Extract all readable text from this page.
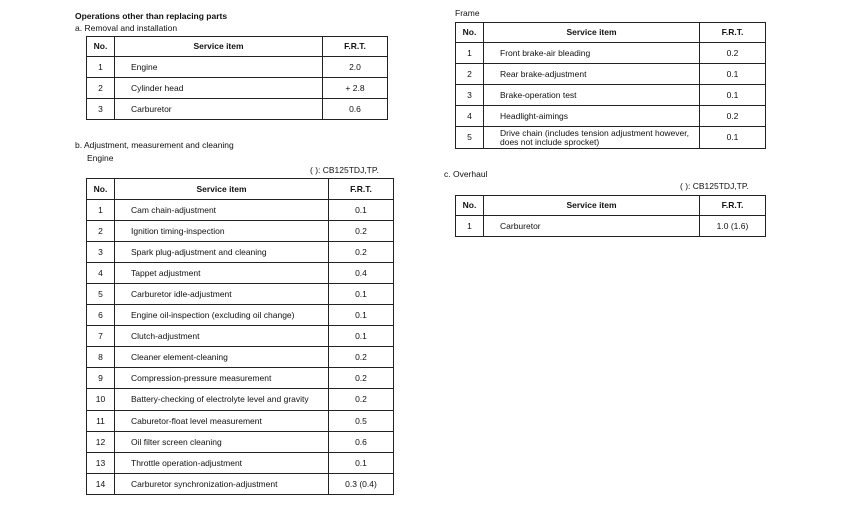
Operations other than replacing parts
a. Removal and installation
No.	Service item	F.R.T.
1	Engine	2.0
2	Cylinder head	+ 2.8
3	Carburetor	0.6
b. Adjustment, measurement and cleaning
Engine
( ): CB125TDJ,TP.
No.	Service item	F.R.T.
1	Cam chain-adjustment	0.1
2	Ignition timing-inspection	0.2
3	Spark plug-adjustment and cleaning	0.2
4	Tappet adjustment	0.4
5	Carburetor idle-adjustment	0.1
6	Engine oil-inspection (excluding oil change)	0.1
7	Clutch-adjustment	0.1
8	Cleaner element-cleaning	0.2
9	Compression-pressure measurement	0.2
10	Battery-checking of electrolyte level and gravity	0.2
11	Caburetor-float level measurement	0.5
12	Oil filter screen cleaning	0.6
13	Throttle operation-adjustment	0.1
14	Carburetor synchronization-adjustment	0.3 (0.4)
Frame
No.	Service item	F.R.T.
1	Front brake-air bleading	0.2
2	Rear brake-adjustment	0.1
3	Brake-operation test	0.1
4	Headlight-aimings	0.2
5	Drive chain (includes tension adjustment however, does not include sprocket)	0.1
c. Overhaul
( ): CB125TDJ,TP.
No.	Service item	F.R.T.
1	Carburetor	1.0 (1.6)
